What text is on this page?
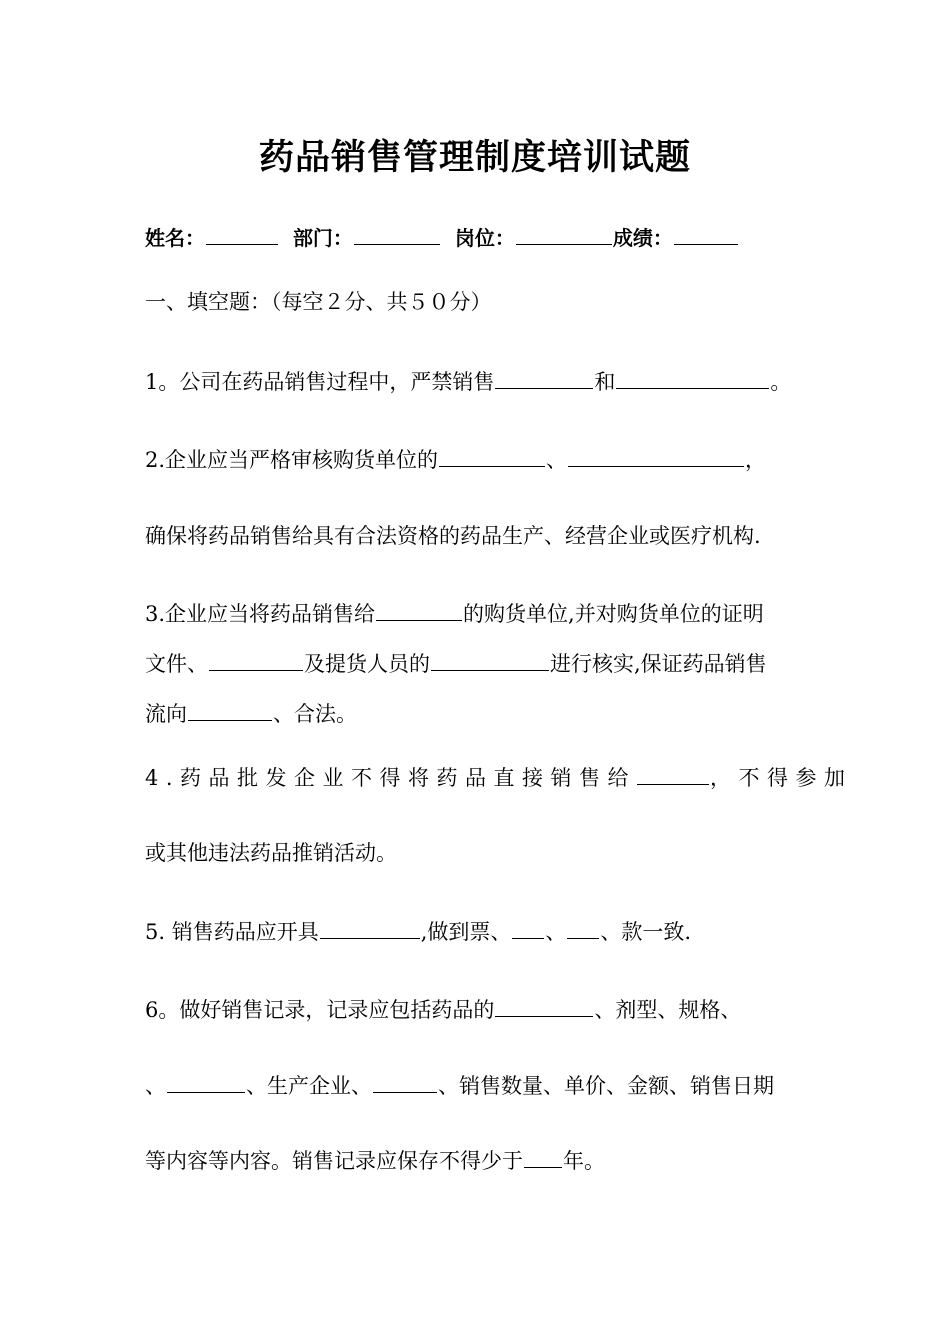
药品销售管理制度培训试题
姓名：	部门：	岗位：	成绩：
一、填空题：（每空２分、共５０分）
1。公司在药品销售过程中，严禁销售	和	。
2.企业应当严格审核购货单位的	、	，
确保将药品销售给具有合法资格的药品生产、经营企业或医疗机构.
3.企业应当将药品销售给	的购货单位,并对购货单位的证明
文件、	及提货人员的	进行核实,保证药品销售
流向	、合法。
4.药品批发企业不得将药品直接销售给	，不得参加
或其他违法药品推销活动。
5. 销售药品应开具	,做到票、 、 、款一致.
6。做好销售记录，记录应包括药品的	、剂型、规格、
、	、生产企业、	、销售数量、单价、金额、销售日期
等内容等内容。销售记录应保存不得少于 年。
